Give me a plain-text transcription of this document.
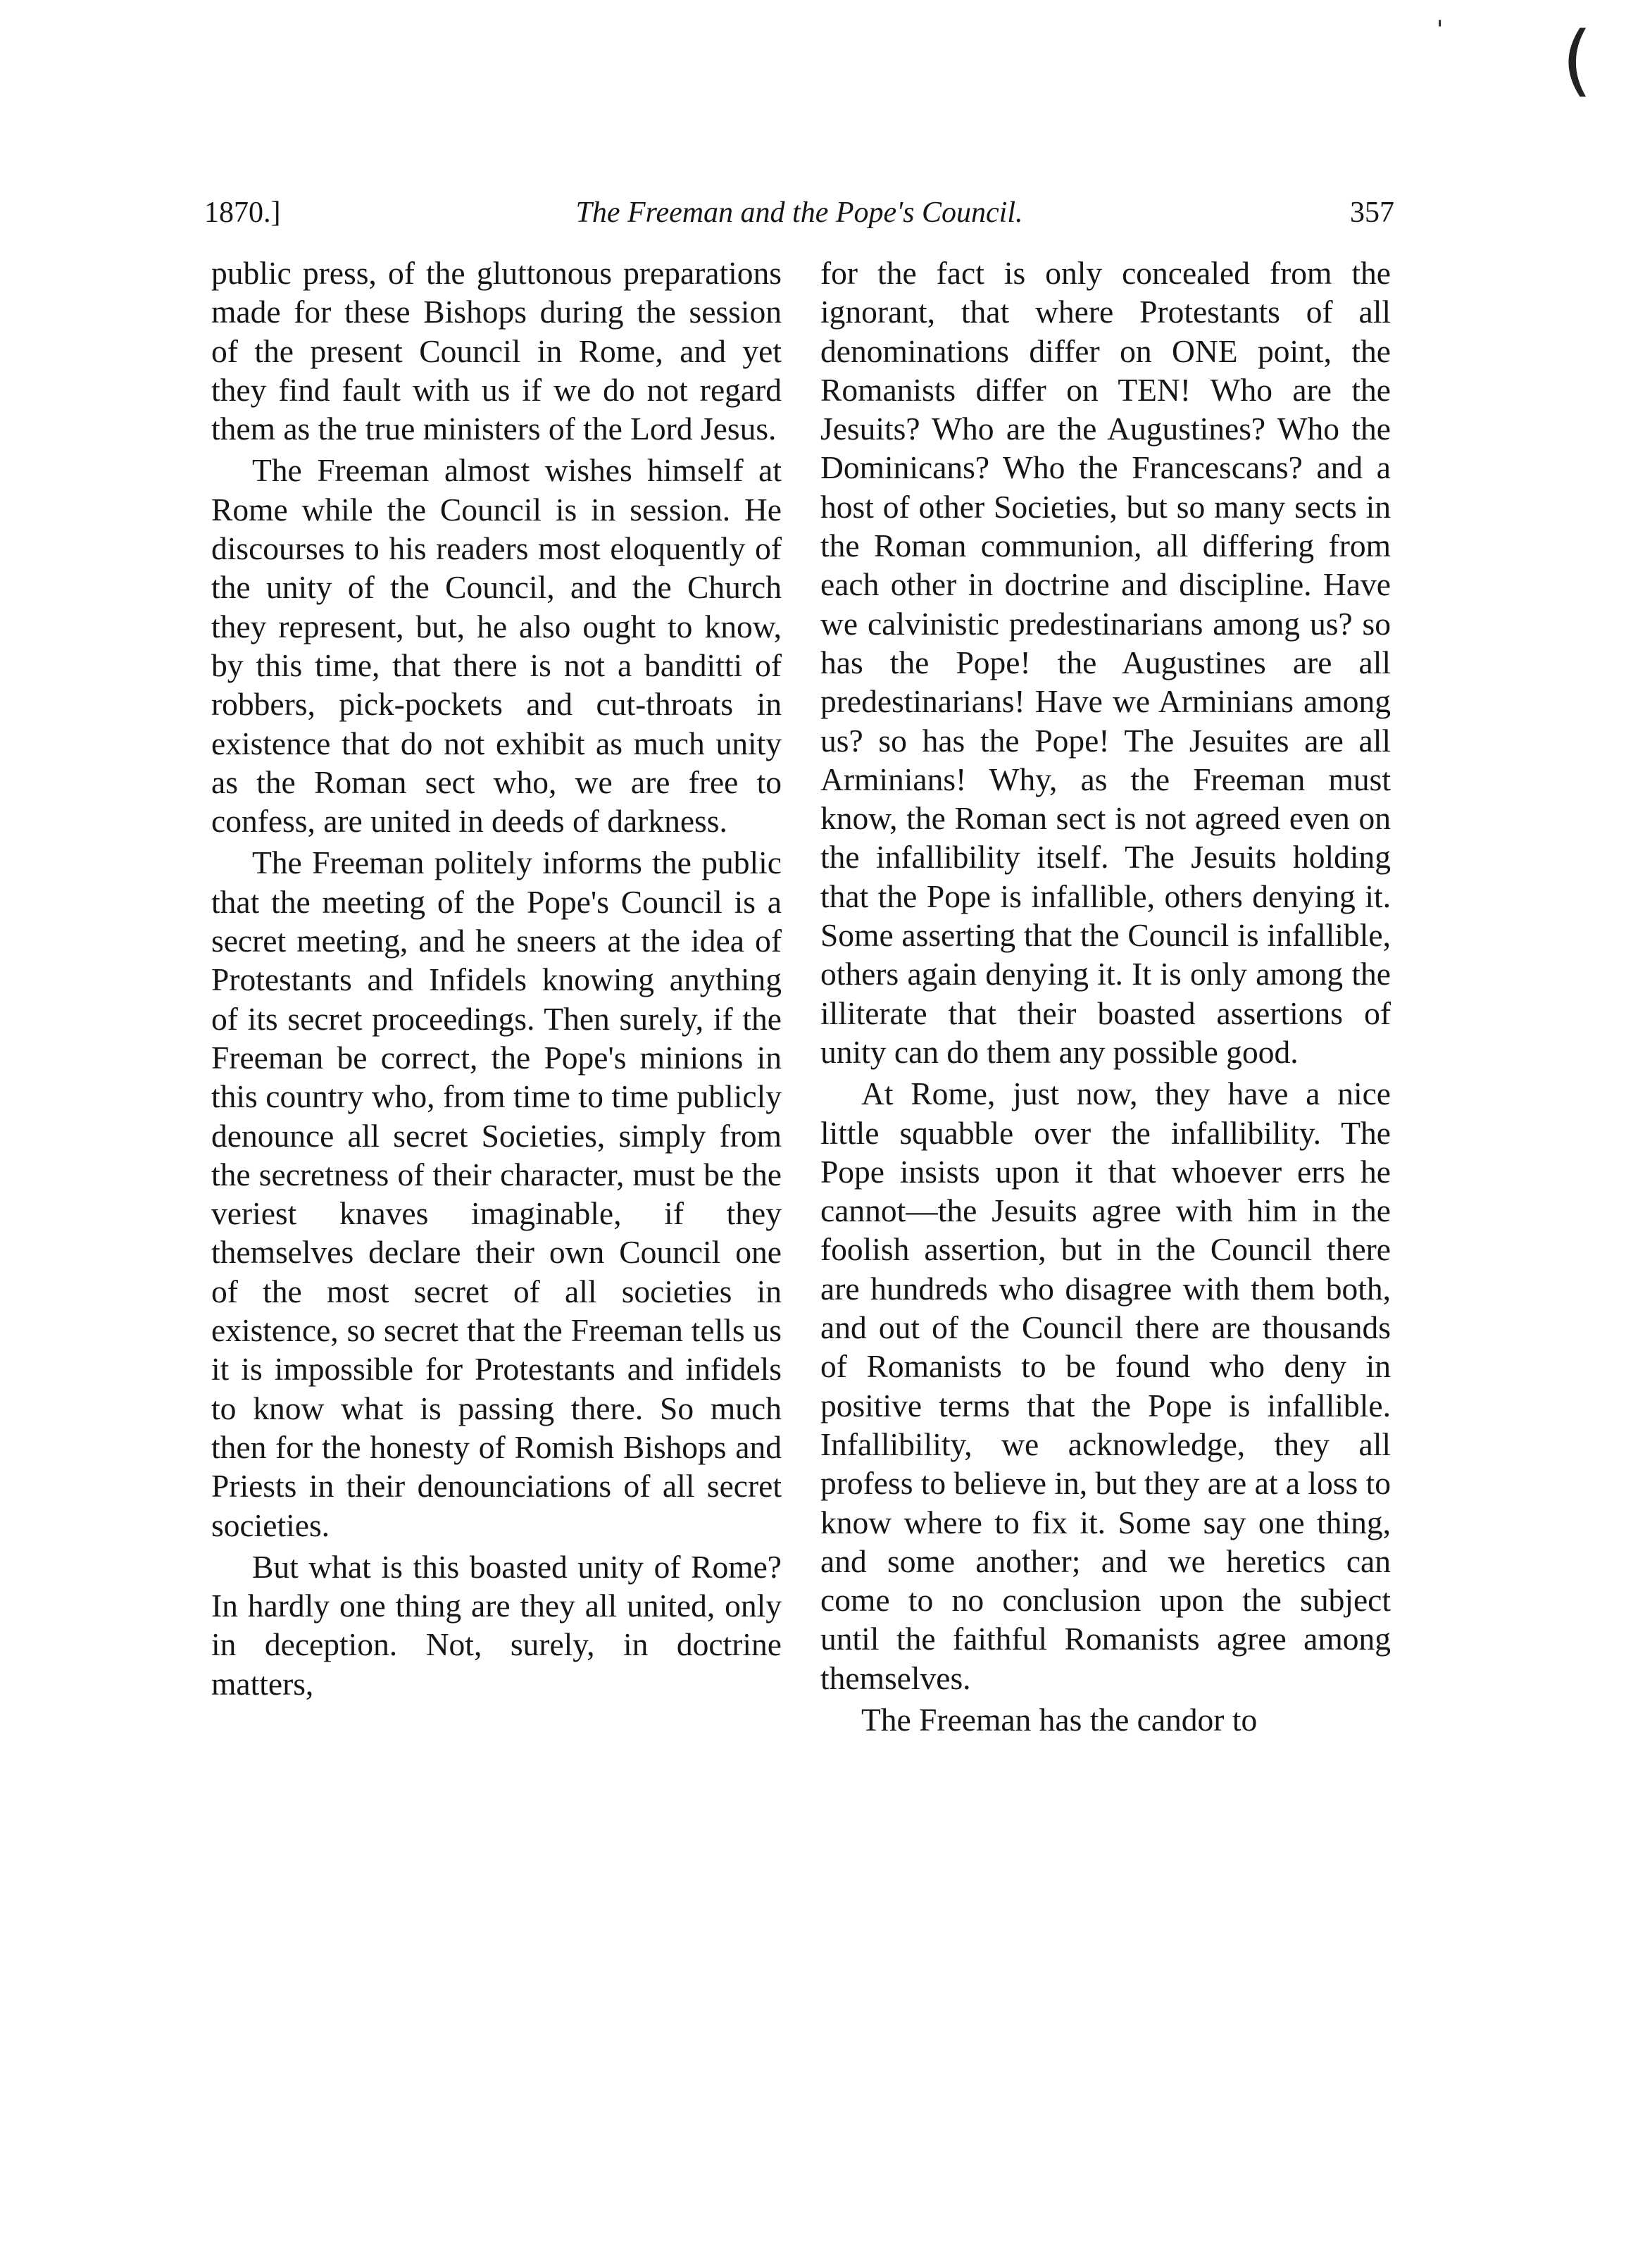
(
'
1870.]	The Freeman and the Pope's Council.	357

public press, of the gluttonous preparations made for these Bishops during the session of the present Council in Rome, and yet they find fault with us if we do not regard them as the true ministers of the Lord Jesus.

The Freeman almost wishes himself at Rome while the Council is in session. He discourses to his readers most eloquently of the unity of the Council, and the Church they represent, but, he also ought to know, by this time, that there is not a banditti of robbers, pick-pockets and cut-throats in existence that do not exhibit as much unity as the Roman sect who, we are free to confess, are united in deeds of darkness.

The Freeman politely informs the public that the meeting of the Pope's Council is a secret meeting, and he sneers at the idea of Protestants and Infidels knowing anything of its secret proceedings. Then surely, if the Freeman be correct, the Pope's minions in this country who, from time to time publicly denounce all secret Societies, simply from the secretness of their character, must be the veriest knaves imaginable, if they themselves declare their own Council one of the most secret of all societies in existence, so secret that the Freeman tells us it is impossible for Protestants and infidels to know what is passing there. So much then for the honesty of Romish Bishops and Priests in their denounciations of all secret societies.

But what is this boasted unity of Rome? In hardly one thing are they all united, only in deception. Not, surely, in doctrine matters,

for the fact is only concealed from the ignorant, that where Protestants of all denominations differ on ONE point, the Romanists differ on TEN! Who are the Jesuits? Who are the Augustines? Who the Dominicans? Who the Francescans? and a host of other Societies, but so many sects in the Roman communion, all differing from each other in doctrine and discipline. Have we calvinistic predestinarians among us? so has the Pope! the Augustines are all predestinarians! Have we Arminians among us? so has the Pope! The Jesuites are all Arminians! Why, as the Freeman must know, the Roman sect is not agreed even on the infallibility itself. The Jesuits holding that the Pope is infallible, others denying it. Some asserting that the Council is infallible, others again denying it. It is only among the illiterate that their boasted assertions of unity can do them any possible good.

At Rome, just now, they have a nice little squabble over the infallibility. The Pope insists upon it that whoever errs he cannot—the Jesuits agree with him in the foolish assertion, but in the Council there are hundreds who disagree with them both, and out of the Council there are thousands of Romanists to be found who deny in positive terms that the Pope is infallible. Infallibility, we acknowledge, they all profess to believe in, but they are at a loss to know where to fix it. Some say one thing, and some another; and we heretics can come to no conclusion upon the subject until the faithful Romanists agree among themselves.

The Freeman has the candor to
